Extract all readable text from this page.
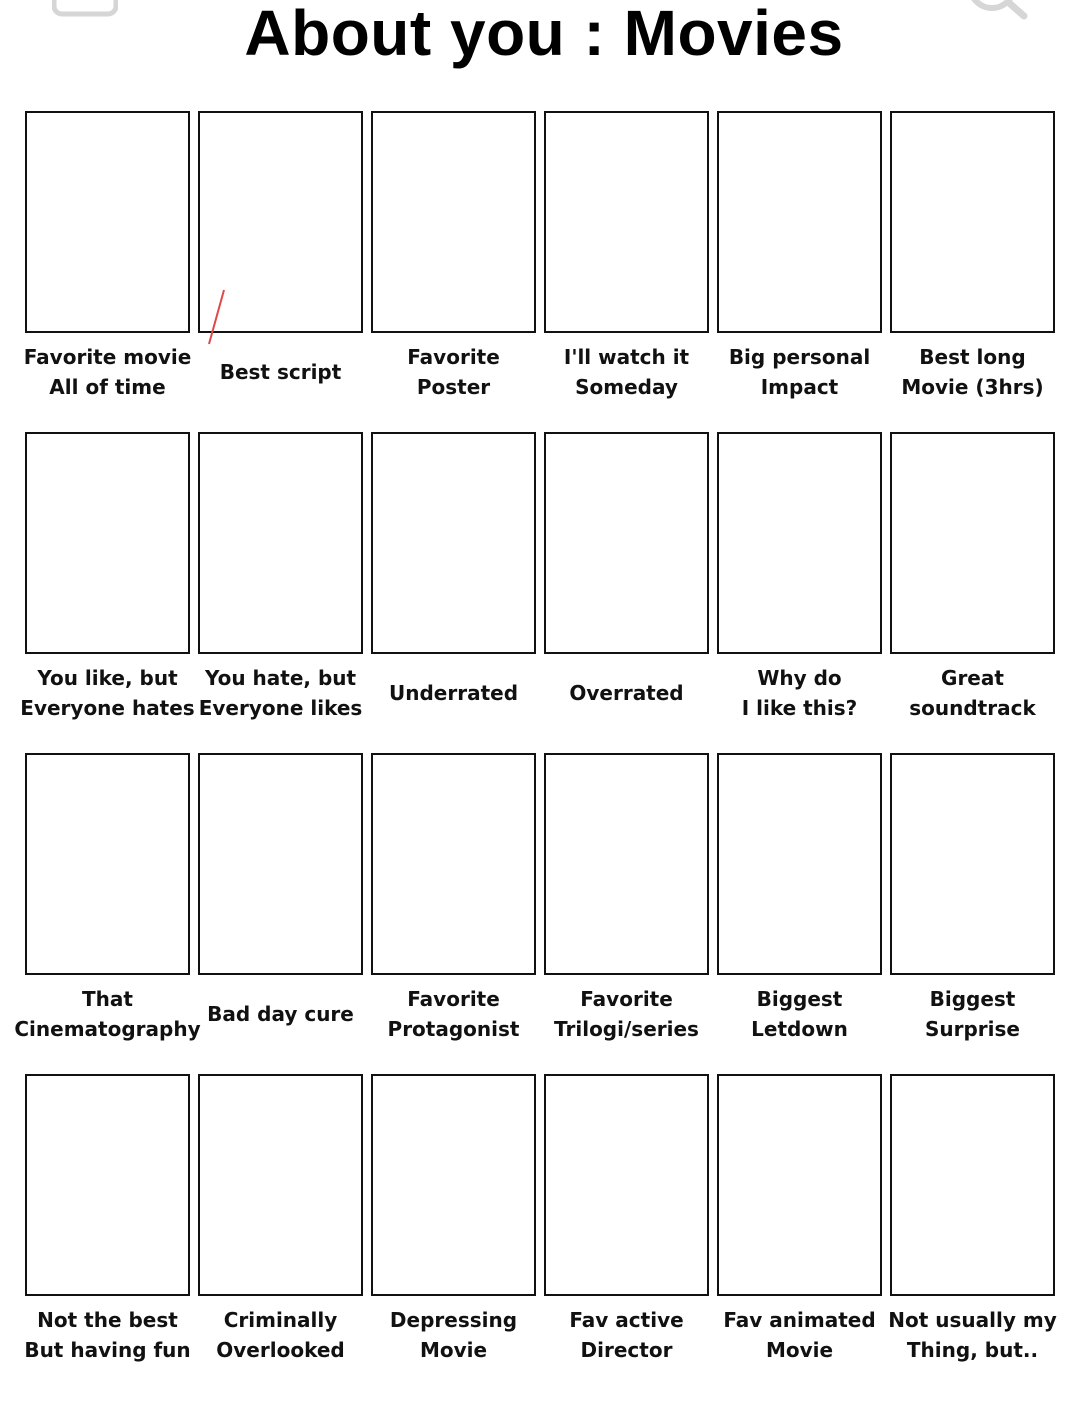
About you : Movies
Favorite movie
All of time
Best script
Favorite
Poster
I'll watch it
Someday
Big personal
Impact
Best long
Movie (3hrs)
You like, but
Everyone hates
You hate, but
Everyone likes
Underrated	Overrated
Why do
I like this?
Great
soundtrack
That
Cinematography
Bad day cure
Favorite
Protagonist
Favorite
Trilogi/series
Biggest
Letdown
Biggest
Surprise
Not the best
But having fun
Criminally
Overlooked
Depressing
Movie
Fav active
Director
Fav animated
Movie
Not usually my
Thing, but..
